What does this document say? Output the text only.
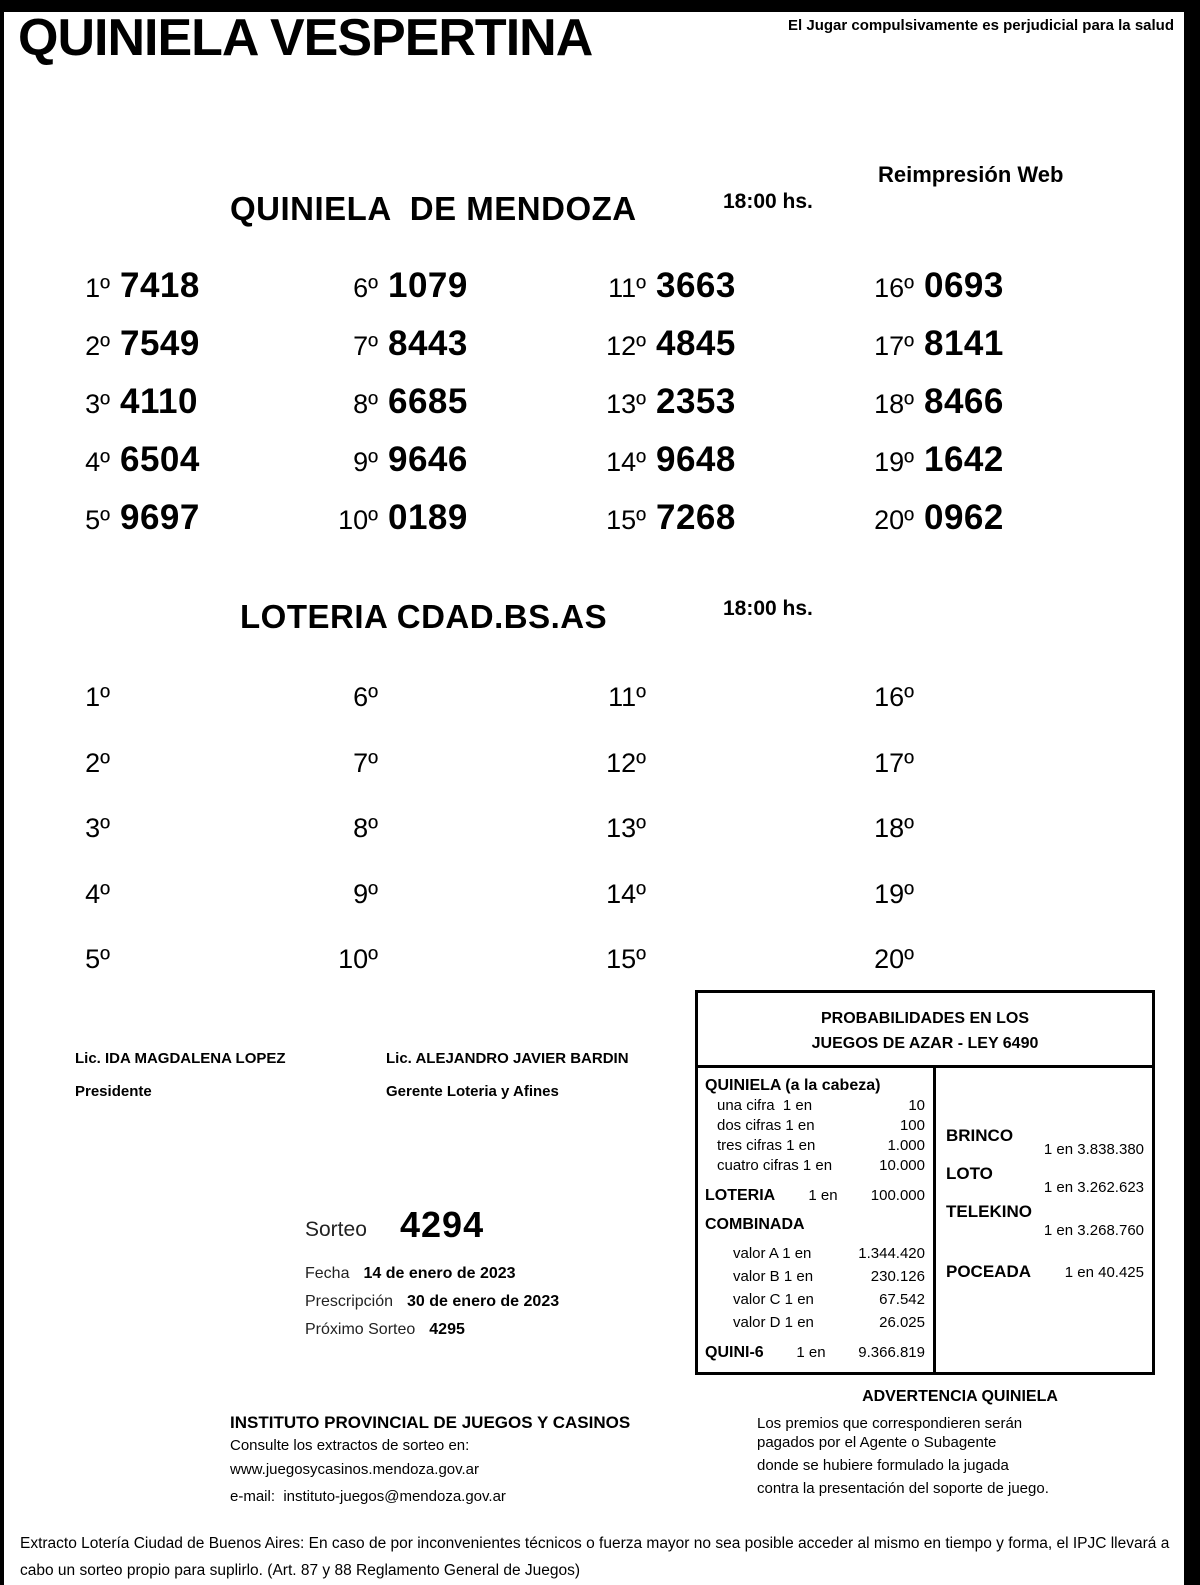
QUINIELA VESPERTINA	El Jugar compulsivamente es perjudicial para la salud
QUINIELA  DE MENDOZA	18:00 hs.
Reimpresión Web
1º 7418
2º 7549
3º 4110
4º 6504
5º 9697
6º 1079
7º 8443
8º 6685
9º 9646
10º 0189
11º 3663
12º 4845
13º 2353
14º 9648
15º 7268
16º 0693
17º 8141
18º 8466
19º 1642
20º 0962
LOTERIA CDAD.BS.AS	18:00 hs.
1º
2º
3º
4º
5º
6º
7º
8º
9º
10º
11º
12º
13º
14º
15º
16º
17º
18º
19º
20º
Lic. IDA MAGDALENA LOPEZ
Presidente
Lic. ALEJANDRO JAVIER BARDIN
Gerente Loteria y Afines
PROBABILIDADES EN LOS
JUEGOS DE AZAR - LEY 6490
QUINIELA (a la cabeza)
una cifra  1 en	10
dos cifras 1 en	100
tres cifras 1 en	1.000
cuatro cifras 1 en	10.000
LOTERIA 1 en 100.000
COMBINADA
valor A 1 en	1.344.420
valor B 1 en	230.126
valor C 1 en	67.542
valor D 1 en	26.025
QUINI-6 1 en 9.366.819
BRINCO
1 en 3.838.380
LOTO
1 en 3.262.623
TELEKINO
1 en 3.268.760
POCEADA 1 en 40.425
Sorteo 4294
Fecha 14 de enero de 2023
Prescripción 30 de enero de 2023
Próximo Sorteo 4295
INSTITUTO PROVINCIAL DE JUEGOS Y CASINOS
Consulte los extractos de sorteo en:
www.juegosycasinos.mendoza.gov.ar
e-mail:  instituto-juegos@mendoza.gov.ar
ADVERTENCIA QUINIELA
Los premios que correspondieren serán
pagados por el Agente o Subagente
donde se hubiere formulado la jugada
contra la presentación del soporte de juego.
Extracto Lotería Ciudad de Buenos Aires: En caso de por inconvenientes técnicos o fuerza mayor no sea posible acceder al mismo en tiempo y forma, el IPJC llevará a cabo un sorteo propio para suplirlo. (Art. 87 y 88 Reglamento General de Juegos)
